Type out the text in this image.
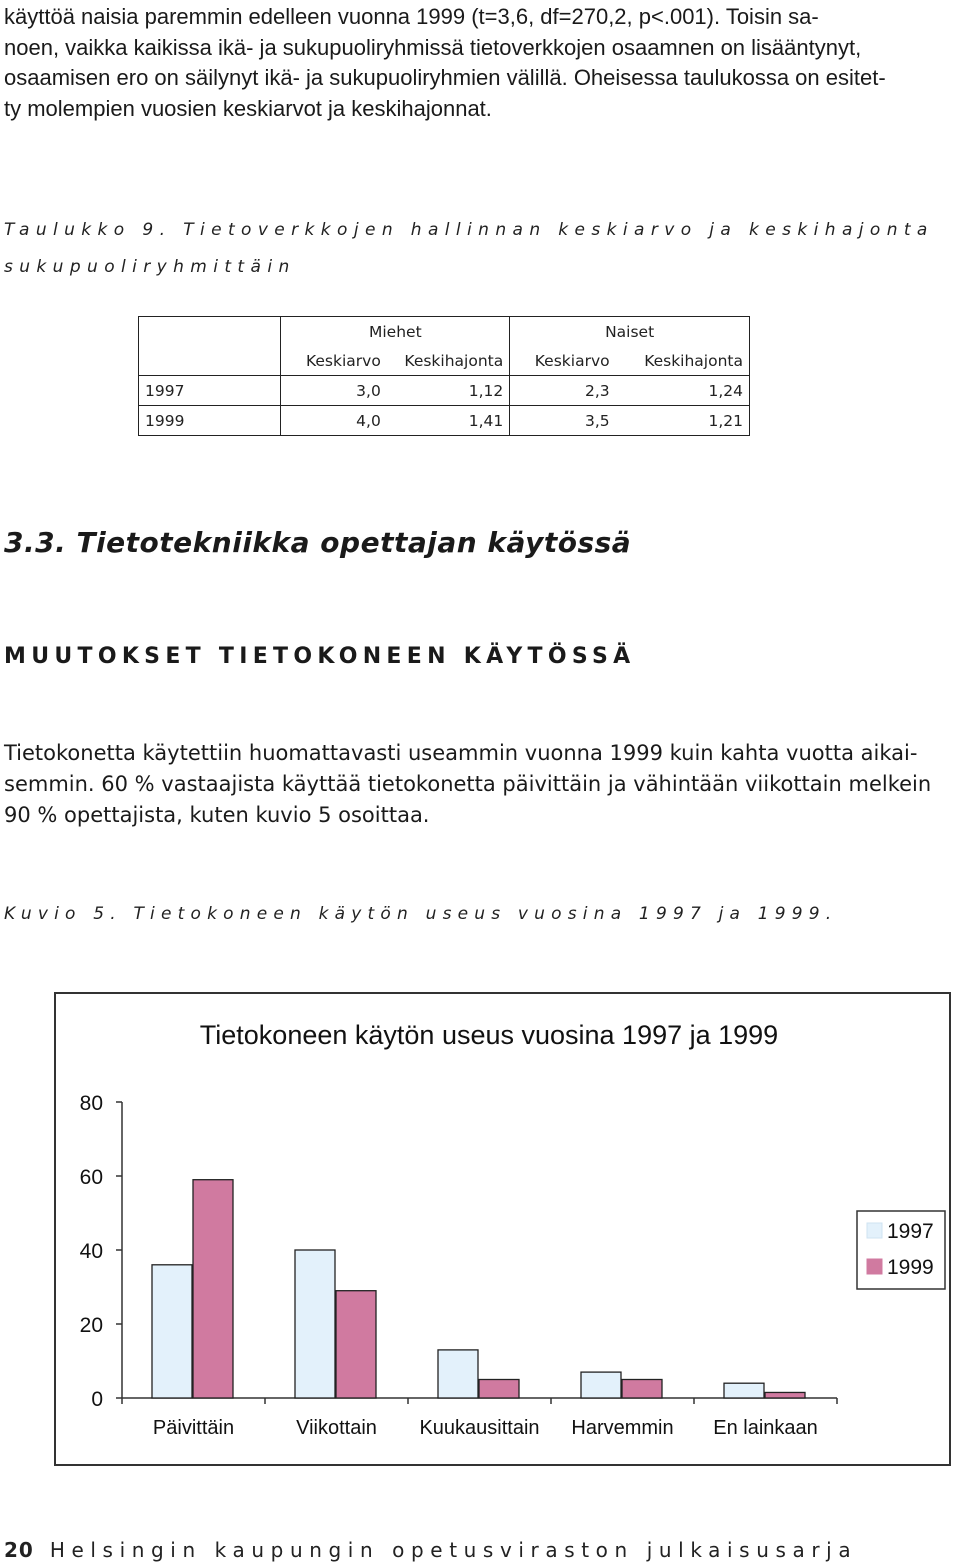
käyttöä naisia paremmin edelleen vuonna 1999 (t=3,6, df=270,2, p<.001). Toisin sa-
noen, vaikka kaikissa ikä- ja sukupuoliryhmissä tietoverkkojen osaamnen on lisääntynyt,
osaamisen ero on säilynyt ikä- ja sukupuoliryhmien välillä. Oheisessa taulukossa on esitet-
ty molempien vuosien keskiarvot ja keskihajonnat.

Taulukko 9. Tietoverkkojen hallinnan keskiarvo ja keskihajonta

sukupuoliryhmittäin

	Miehet		Naiset	
	Keskiarvo	Keskihajonta	Keskiarvo	Keskihajonta
1997	3,0	1,12	2,3	1,24
1999	4,0	1,41	3,5	1,21
3.3. Tietotekniikka opettajan käytössä
MUUTOKSET TIETOKONEEN KÄYTÖSSÄ

Tietokonetta käytettiin huomattavasti useammin vuonna 1999 kuin kahta vuotta aikai-
semmin. 60 % vastaajista käyttää tietokonetta päivittäin ja vähintään viikottain melkein
90 % opettajista, kuten kuvio 5 osoittaa.

Kuvio 5. Tietokoneen käytön useus vuosina 1997 ja 1999.

Tietokoneen käytön useus vuosina 1997 ja 1999
0
20
40
60
80
Päivittäin	Viikottain Kuukausittain Harvemmin En lainkaan
1997
1999

20 Helsingin kaupungin opetusviraston julkaisusarja
